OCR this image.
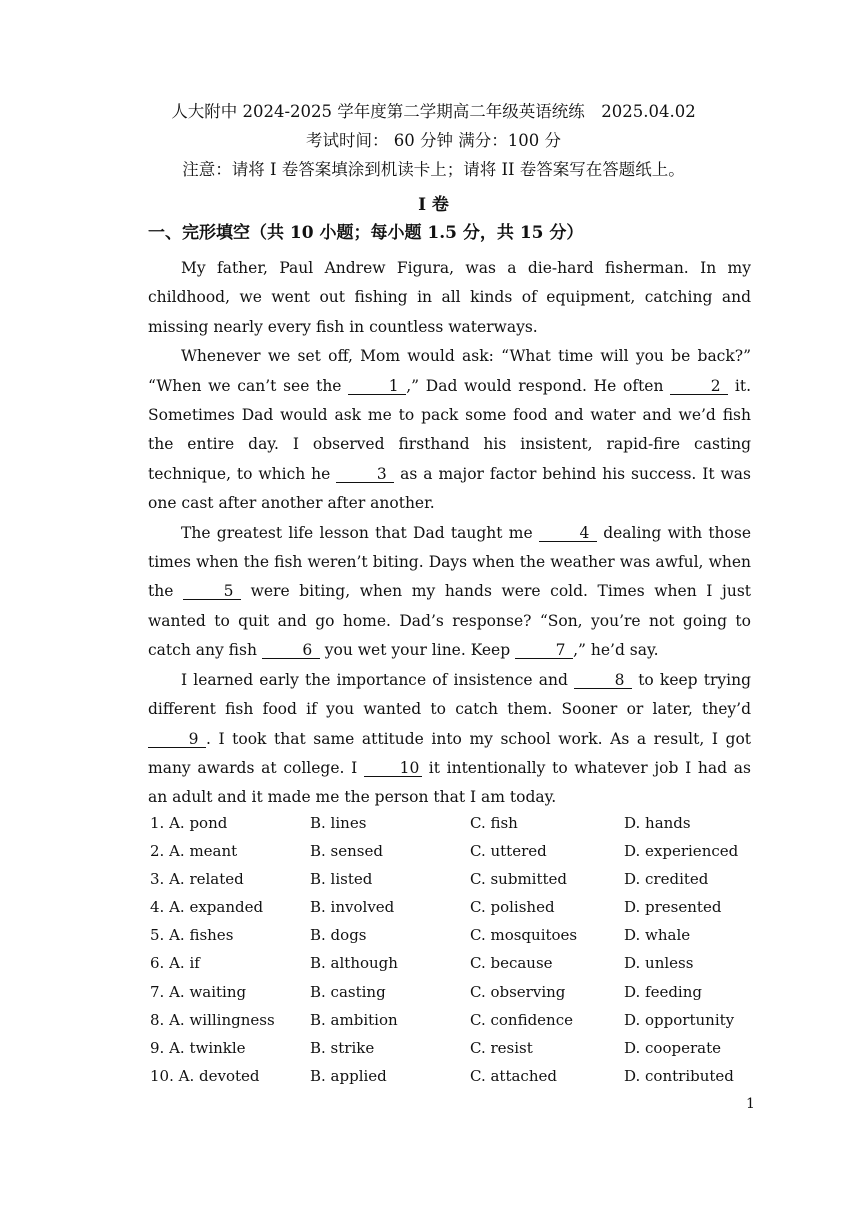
人大附中 2024-2025 学年度第二学期高二年级英语统练　2025.04.02
考试时间： 60 分钟 满分：100 分
注意：请将 I 卷答案填涂到机读卡上；请将 II 卷答案写在答题纸上。
I 卷
一、完形填空（共 10 小题；每小题 1.5 分，共 15 分）

My father, Paul Andrew Figura, was a die-hard fisherman. In my childhood, we went out fishing in all kinds of equipment, catching and missing nearly every fish in countless waterways.

Whenever we set off, Mom would ask: “What time will you be back?” “When we can’t see the	1 ,” Dad would respond. He often	2 it. Sometimes Dad would ask me to pack some food and water and we’d fish the entire day. I observed firsthand his insistent, rapid-fire casting technique, to which he	3 as a major factor behind his success. It was one cast after another after another.

The greatest life lesson that Dad taught me	4 dealing with those times when the fish weren’t biting. Days when the weather was awful, when the	5 were biting, when my hands were cold. Times when I just wanted to quit and go home. Dad’s response? “Son, you’re not going to catch any fish	6 you wet your line. Keep	7 ,” he’d say.

I learned early the importance of insistence and	8 to keep trying different fish food if you wanted to catch them. Sooner or later, they’d 9 . I took that same attitude into my school work. As a result, I got many awards at college. I 10 it intentionally to whatever job I had as an adult and it made me the person that I am today.

1. A. pond	B. lines	C. fish	D. hands
2. A. meant	B. sensed	C. uttered	D. experienced
3. A. related	B. listed	C. submitted	D. credited
4. A. expanded	B. involved	C. polished	D. presented
5. A. fishes	B. dogs	C. mosquitoes	D. whale
6. A. if	B. although	C. because	D. unless
7. A. waiting	B. casting	C. observing	D. feeding
8. A. willingness B. ambition	C. confidence	D. opportunity
9. A. twinkle	B. strike	C. resist	D. cooperate
10. A. devoted	B. applied	C. attached	D. contributed
1
